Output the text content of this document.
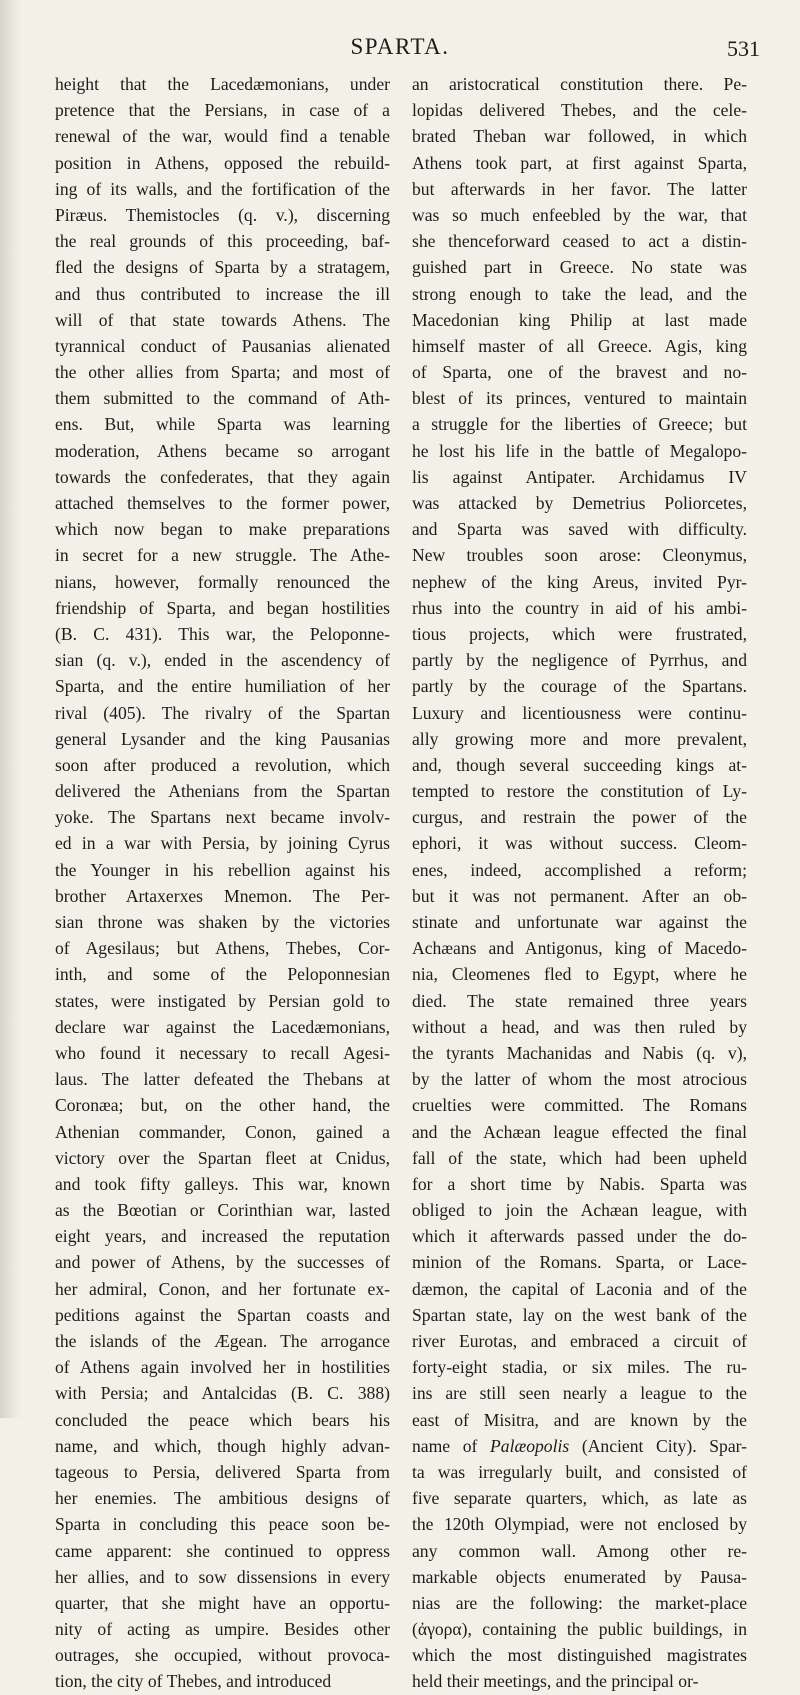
SPARTA.	531
height that the Lacedæmonians, under
pretence that the Persians, in case of a
renewal of the war, would find a tenable
position in Athens, opposed the rebuild-
ing of its walls, and the fortification of the
Piræus. Themistocles (q. v.), discerning
the real grounds of this proceeding, baf-
fled the designs of Sparta by a stratagem,
and thus contributed to increase the ill
will of that state towards Athens. The
tyrannical conduct of Pausanias alienated
the other allies from Sparta; and most of
them submitted to the command of Ath-
ens. But, while Sparta was learning
moderation, Athens became so arrogant
towards the confederates, that they again
attached themselves to the former power,
which now began to make preparations
in secret for a new struggle. The Athe-
nians, however, formally renounced the
friendship of Sparta, and began hostilities
(B. C. 431). This war, the Peloponne-
sian (q. v.), ended in the ascendency of
Sparta, and the entire humiliation of her
rival (405). The rivalry of the Spartan
general Lysander and the king Pausanias
soon after produced a revolution, which
delivered the Athenians from the Spartan
yoke. The Spartans next became involv-
ed in a war with Persia, by joining Cyrus
the Younger in his rebellion against his
brother Artaxerxes Mnemon. The Per-
sian throne was shaken by the victories
of Agesilaus; but Athens, Thebes, Cor-
inth, and some of the Peloponnesian
states, were instigated by Persian gold to
declare war against the Lacedæmonians,
who found it necessary to recall Agesi-
laus. The latter defeated the Thebans at
Coronæa; but, on the other hand, the
Athenian commander, Conon, gained a
victory over the Spartan fleet at Cnidus,
and took fifty galleys. This war, known
as the Bœotian or Corinthian war, lasted
eight years, and increased the reputation
and power of Athens, by the successes of
her admiral, Conon, and her fortunate ex-
peditions against the Spartan coasts and
the islands of the Ægean. The arrogance
of Athens again involved her in hostilities
with Persia; and Antalcidas (B. C. 388)
concluded the peace which bears his
name, and which, though highly advan-
tageous to Persia, delivered Sparta from
her enemies. The ambitious designs of
Sparta in concluding this peace soon be-
came apparent: she continued to oppress
her allies, and to sow dissensions in every
quarter, that she might have an opportu-
nity of acting as umpire. Besides other
outrages, she occupied, without provoca-
tion, the city of Thebes, and introduced
an aristocratical constitution there. Pe-
lopidas delivered Thebes, and the cele-
brated Theban war followed, in which
Athens took part, at first against Sparta,
but afterwards in her favor. The latter
was so much enfeebled by the war, that
she thenceforward ceased to act a distin-
guished part in Greece. No state was
strong enough to take the lead, and the
Macedonian king Philip at last made
himself master of all Greece. Agis, king
of Sparta, one of the bravest and no-
blest of its princes, ventured to maintain
a struggle for the liberties of Greece; but
he lost his life in the battle of Megalopo-
lis against Antipater. Archidamus IV
was attacked by Demetrius Poliorcetes,
and Sparta was saved with difficulty.
New troubles soon arose: Cleonymus,
nephew of the king Areus, invited Pyr-
rhus into the country in aid of his ambi-
tious projects, which were frustrated,
partly by the negligence of Pyrrhus, and
partly by the courage of the Spartans.
Luxury and licentiousness were continu-
ally growing more and more prevalent,
and, though several succeeding kings at-
tempted to restore the constitution of Ly-
curgus, and restrain the power of the
ephori, it was without success. Cleom-
enes, indeed, accomplished a reform;
but it was not permanent. After an ob-
stinate and unfortunate war against the
Achæans and Antigonus, king of Macedo-
nia, Cleomenes fled to Egypt, where he
died. The state remained three years
without a head, and was then ruled by
the tyrants Machanidas and Nabis (q. v),
by the latter of whom the most atrocious
cruelties were committed. The Romans
and the Achæan league effected the final
fall of the state, which had been upheld
for a short time by Nabis. Sparta was
obliged to join the Achæan league, with
which it afterwards passed under the do-
minion of the Romans. Sparta, or Lace-
dæmon, the capital of Laconia and of the
Spartan state, lay on the west bank of the
river Eurotas, and embraced a circuit of
forty-eight stadia, or six miles. The ru-
ins are still seen nearly a league to the
east of Misitra, and are known by the
name of Palæopolis (Ancient City). Spar-
ta was irregularly built, and consisted of
five separate quarters, which, as late as
the 120th Olympiad, were not enclosed by
any common wall. Among other re-
markable objects enumerated by Pausa-
nias are the following: the market-place
(ἀγορα), containing the public buildings, in
which the most distinguished magistrates
held their meetings, and the principal or-
